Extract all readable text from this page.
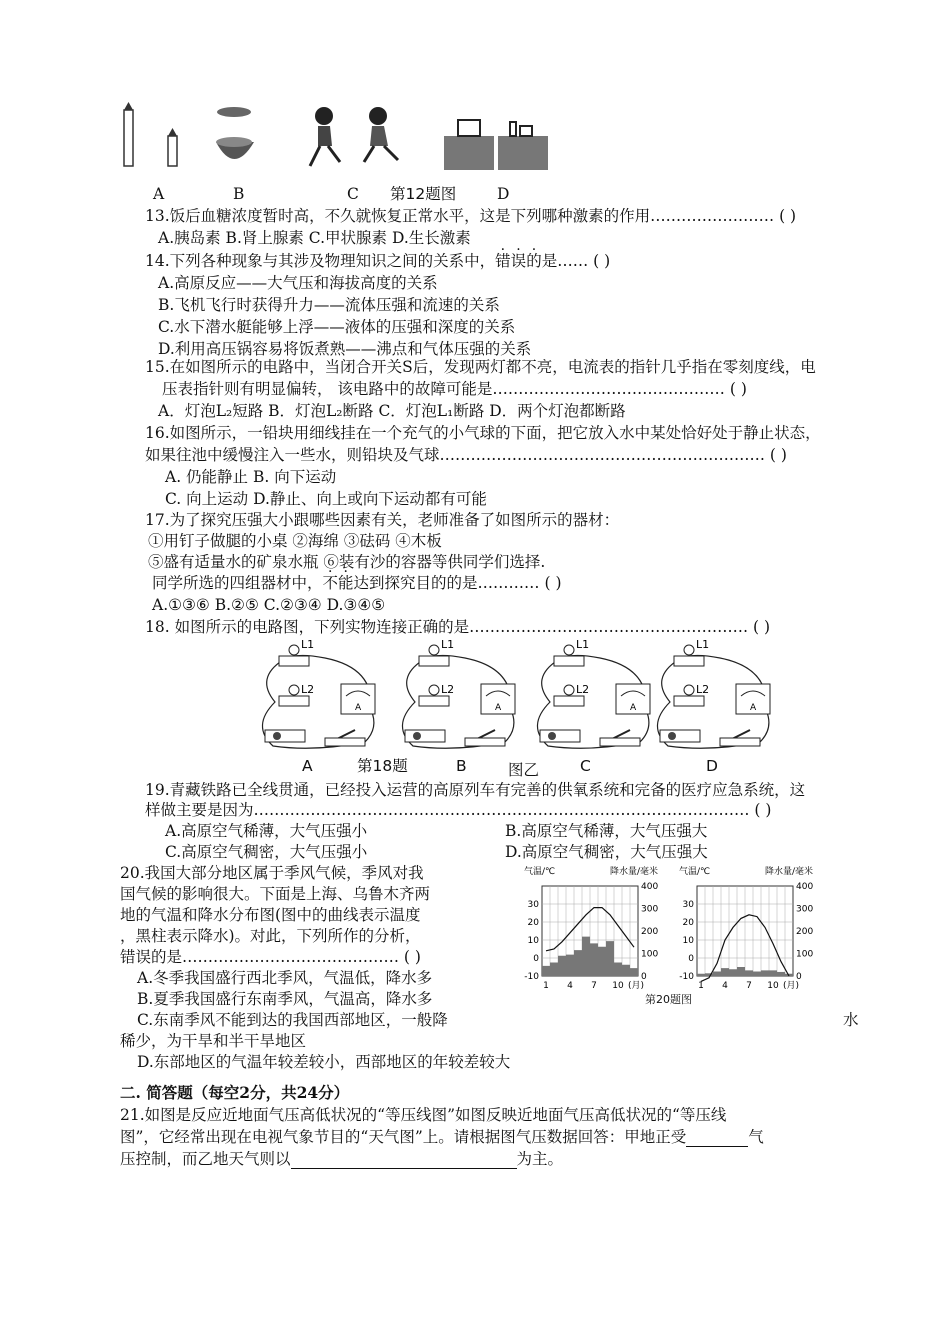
A	B	C 第12题图	D
13.饭后血糖浓度暂时高，不久就恢复正常水平，这是下列哪种激素的作用…………………… ( )
A.胰岛素 B.肾上腺素 C.甲状腺素 D.生长激素
14.下列各种现象与其涉及物理知识之间的关系中，错误的是…… ( )
A.高原反应——大气压和海拔高度的关系
B.飞机飞行时获得升力——流体压强和流速的关系
C.水下潜水艇能够上浮——液体的压强和深度的关系
D.利用高压锅容易将饭煮熟——沸点和气体压强的关系
15.在如图所示的电路中，当闭合开关S后，发现两灯都不亮，电流表的指针几乎指在零刻度线，电
压表指针则有明显偏转， 该电路中的故障可能是……………………………………… ( )
A．灯泡L₂短路 B．灯泡L₂断路 C．灯泡L₁断路 D．两个灯泡都断路
16.如图所示，一铅块用细线挂在一个充气的小气球的下面，把它放入水中某处恰好处于静止状态，
如果往池中缓慢注入一些水，则铅块及气球……………………………………………………… ( )
A. 仍能静止 B. 向下运动
C. 向上运动 D.静止、向上或向下运动都有可能
17.为了探究压强大小跟哪些因素有关，老师准备了如图所示的器材：
①用钉子做腿的小桌 ②海绵 ③砝码 ④木板
⑤盛有适量水的矿泉水瓶 ⑥装有沙的容器等供同学们选择.
同学所选的四组器材中，不能达到探究目的的是………… ( )
A.①③⑥ B.②⑤ C.②③④ D.③④⑤
18. 如图所示的电路图，下列实物连接正确的是……………………………………………… ( )
L1
L2
A
L1
L2
A
L1
L2
A
L1
L2
A
A	第18题	B	图乙	C	D
19.青藏铁路已全线贯通，已经投入运营的高原列车有完善的供氧系统和完备的医疗应急系统，这
样做主要是因为…………………………………………………………………………………… ( )
A.高原空气稀薄，大气压强小	B.高原空气稀薄，大气压强大
C.高原空气稠密，大气压强小	D.高原空气稠密，大气压强大
20.我国大部分地区属于季风气候，季风对我
国气候的影响很大。下面是上海、乌鲁木齐两
地的气温和降水分布图(图中的曲线表示温度
，黑柱表示降水)。对此，下列所作的分析，
错误的是…………………………………… ( )
A.冬季我国盛行西北季风，气温低，降水多
B.夏季我国盛行东南季风，气温高，降水多
C.东南季风不能到达的我国西部地区，一般降
稀少，为干旱和半干旱地区
D.东部地区的气温年较差较小，西部地区的年较差较大
水
30
20
10
0
-10
400
300
200
100
0
气温/℃	降水量/毫米
1 4 7 10 (月)
30
20
10
0
-10
400
300
200
100
0
气温/℃	降水量/毫米
1 4 7 10 (月)
第20题图
二. 简答题（每空2分，共24分）
21.如图是反应近地面气压高低状况的“等压线图”如图反映近地面气压高低状况的“等压线
图”，它经常出现在电视气象节目的“天气图”上。请根据图气压数据回答：甲地正受	气
压控制，而乙地天气则以	为主。
